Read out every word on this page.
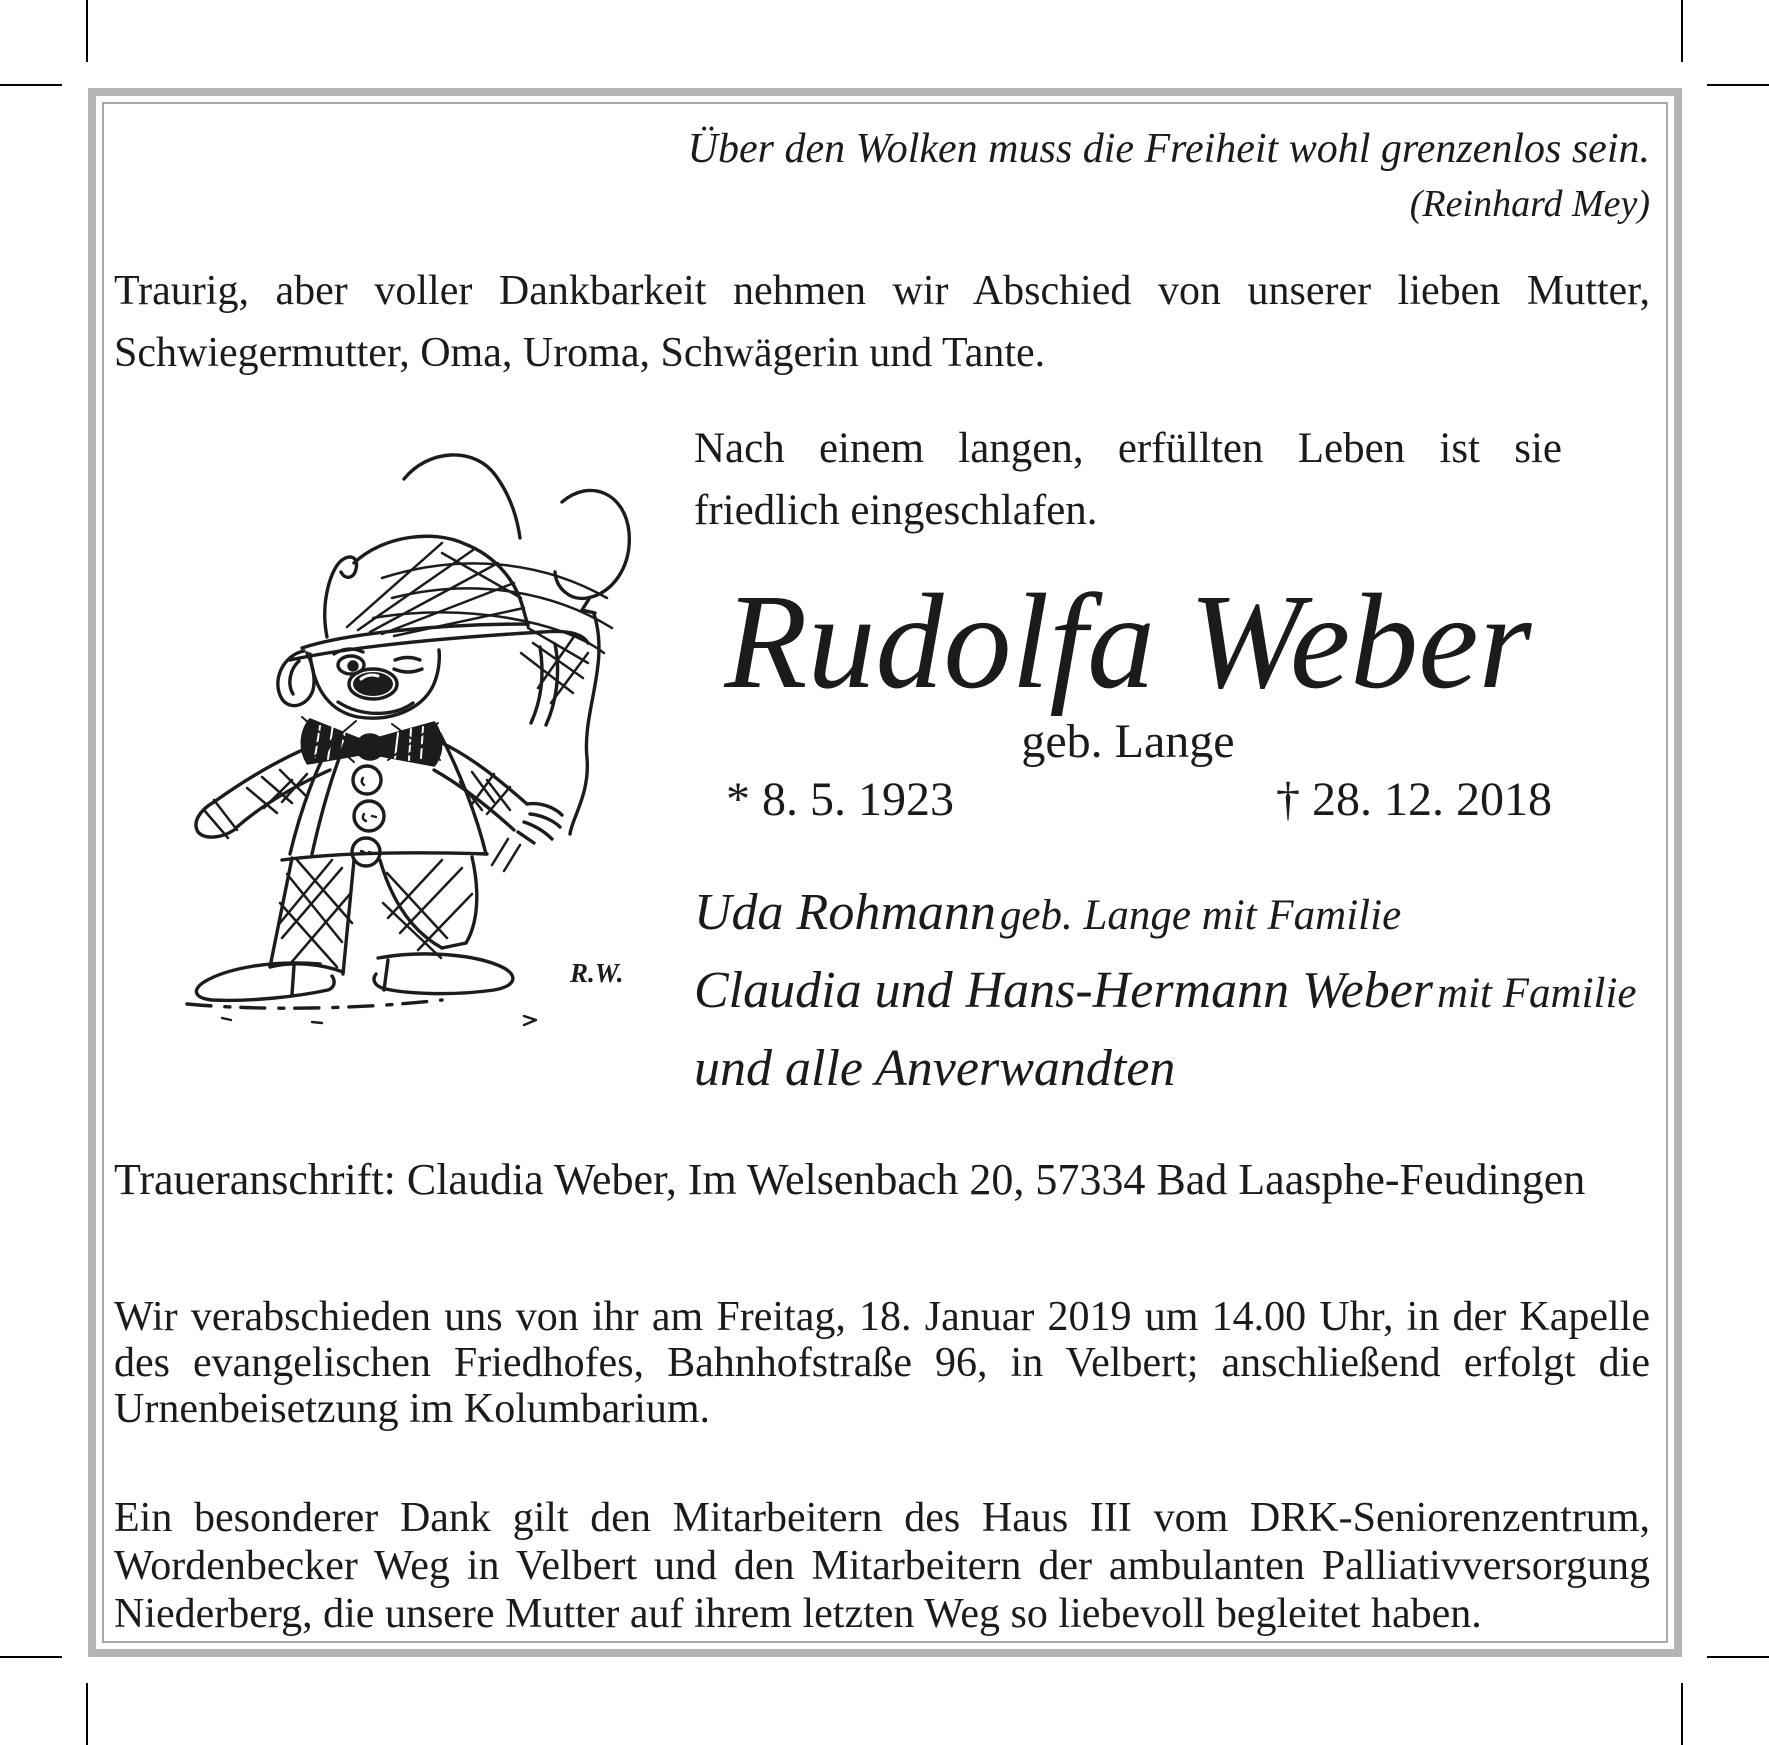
Über den Wolken muss die Freiheit wohl grenzenlos sein.
(Reinhard Mey)
Traurig, aber voller Dankbarkeit nehmen wir Abschied von unserer lieben Mutter,
Schwiegermutter, Oma, Uroma, Schwägerin und Tante.
R.W.
Nach einem langen, erfüllten Leben ist sie
friedlich eingeschlafen.
Rudolfa Weber
geb. Lange
* 8. 5. 1923	† 28. 12. 2018
Uda Rohmann geb. Lange mit Familie
Claudia und Hans-Hermann Weber mit Familie
und alle Anverwandten
Traueranschrift: Claudia Weber, Im Welsenbach 20, 57334 Bad Laasphe-Feudingen
Wir verabschieden uns von ihr am Freitag, 18. Januar 2019 um 14.00 Uhr, in der Kapelle
des evangelischen Friedhofes, Bahnhofstraße 96, in Velbert; anschließend erfolgt die
Urnenbeisetzung im Kolumbarium.
Ein besonderer Dank gilt den Mitarbeitern des Haus III vom DRK-Seniorenzentrum,
Wordenbecker Weg in Velbert und den Mitarbeitern der ambulanten Palliativversorgung
Niederberg, die unsere Mutter auf ihrem letzten Weg so liebevoll begleitet haben.
